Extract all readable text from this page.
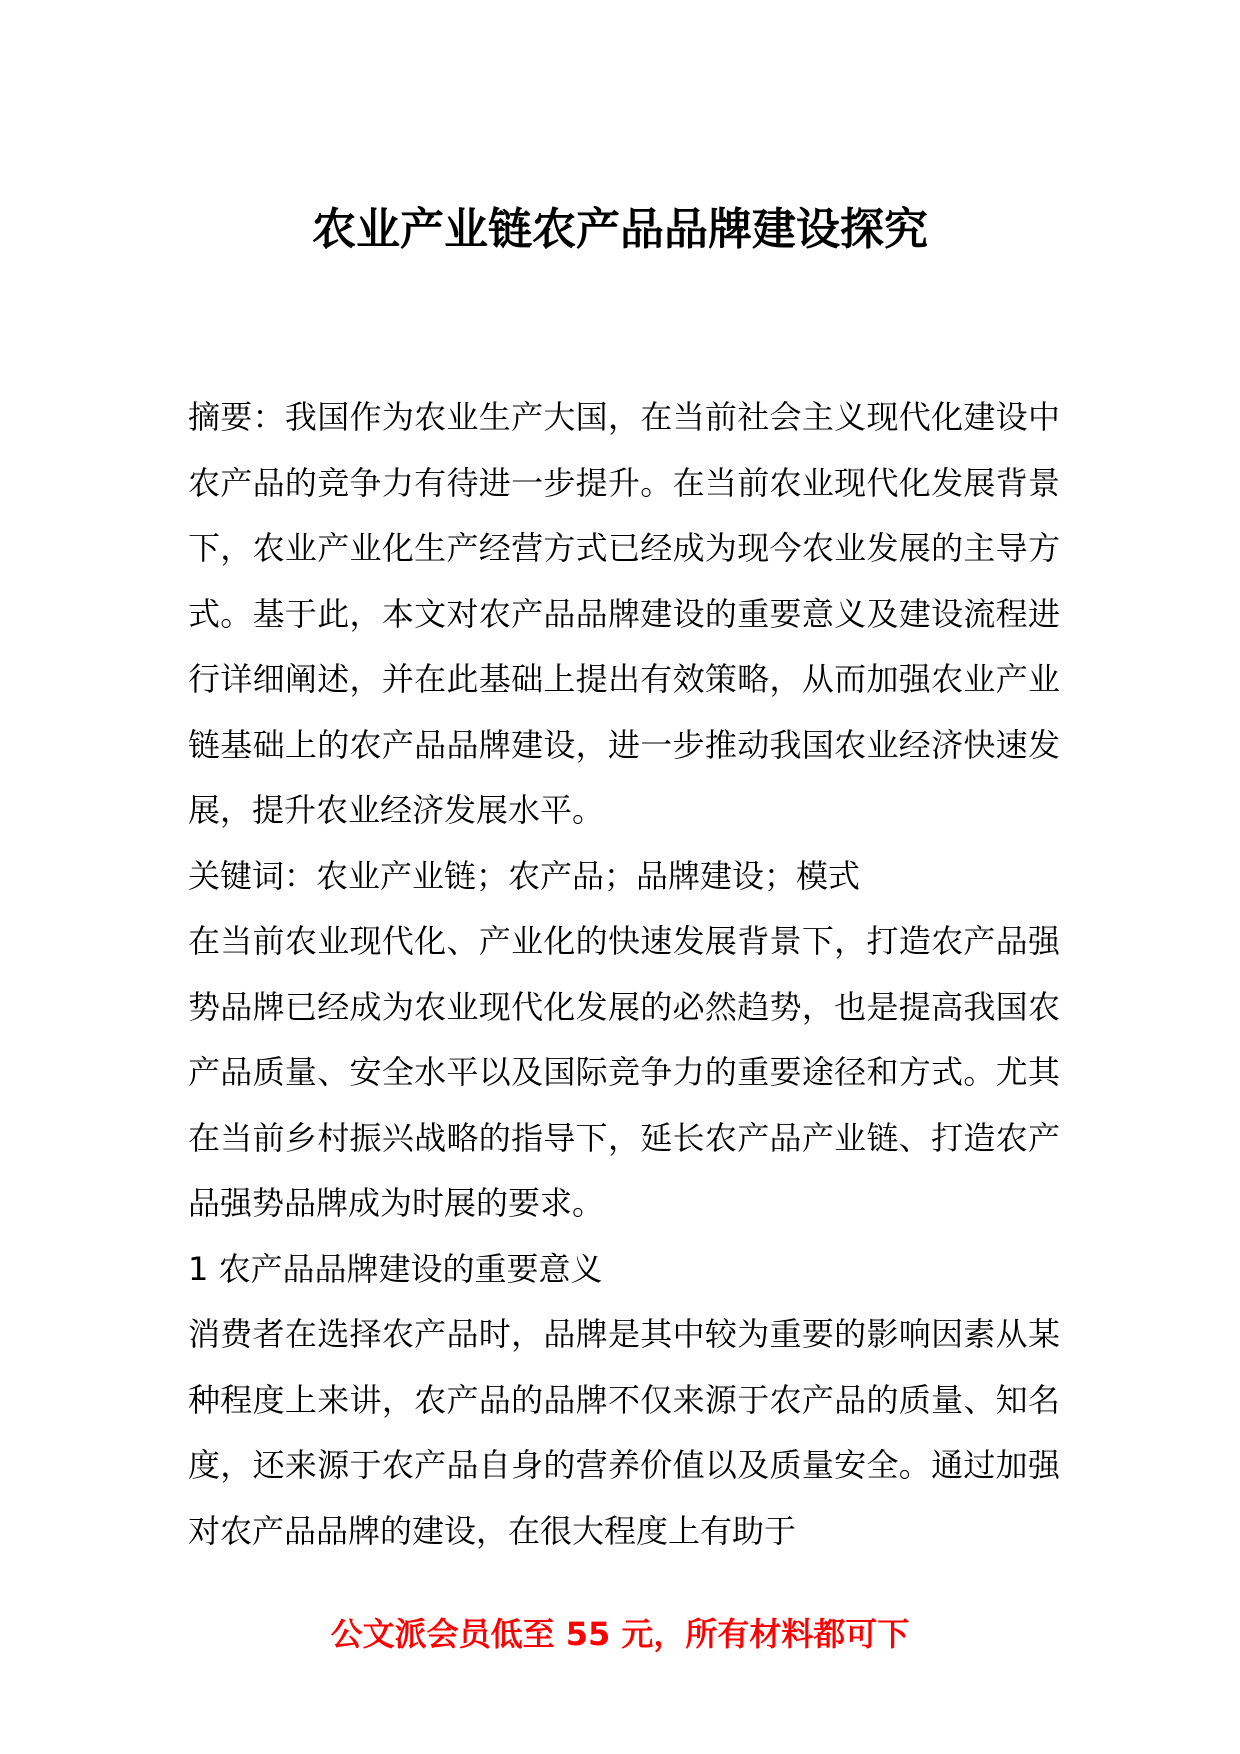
农业产业链农产品品牌建设探究

摘要：我国作为农业生产大国，在当前社会主义现代化建设中农产品的竞争力有待进一步提升。在当前农业现代化发展背景下，农业产业化生产经营方式已经成为现今农业发展的主导方式。基于此，本文对农产品品牌建设的重要意义及建设流程进行详细阐述，并在此基础上提出有效策略，从而加强农业产业链基础上的农产品品牌建设，进一步推动我国农业经济快速发展，提升农业经济发展水平。

关键词：农业产业链；农产品；品牌建设；模式

在当前农业现代化、产业化的快速发展背景下，打造农产品强势品牌已经成为农业现代化发展的必然趋势，也是提高我国农产品质量、安全水平以及国际竞争力的重要途径和方式。尤其在当前乡村振兴战略的指导下，延长农产品产业链、打造农产品强势品牌成为时展的要求。

1 农产品品牌建设的重要意义

消费者在选择农产品时，品牌是其中较为重要的影响因素从某种程度上来讲，农产品的品牌不仅来源于农产品的质量、知名度，还来源于农产品自身的营养价值以及质量安全。通过加强对农产品品牌的建设，在很大程度上有助于

公文派会员低至 55 元，所有材料都可下
